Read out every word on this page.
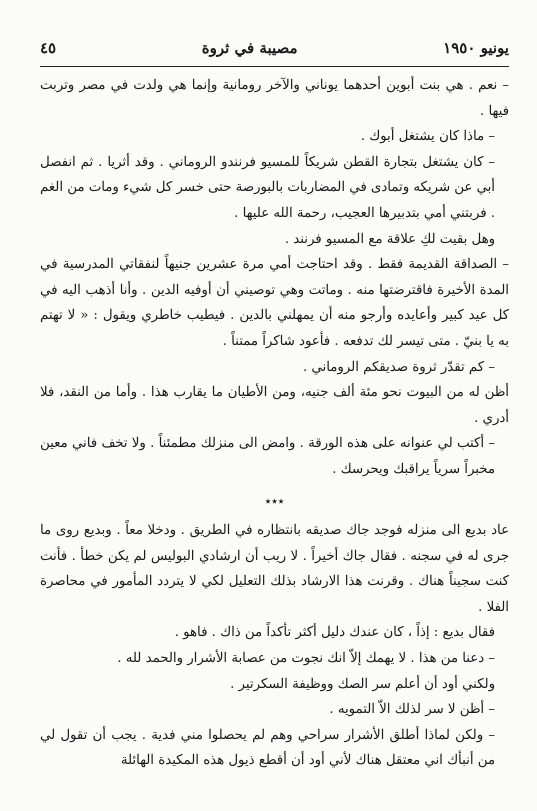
يونيو ١٩٥٠
مصيبة في ثروة
٤٥

– نعم . هي بنت أبوين أحدهما يوناني والآخر رومانية وإنما هي ولدت في مصر وتربت فيها .

– ماذا كان يشتغل أبوك .

– كان يشتغل بتجارة القطن شريكاً للمسيو فرنندو الروماني . وقد أثريا . ثم انفصل أبي عن شريكه وتمادى في المضاربات بالبورصة حتى خسر كل شيء ومات من الغم . فربتني أمي بتدبيرها العجيب، رحمة الله عليها .

وهل بقيت لكِ علاقة مع المسيو فرنند .

– الصداقة القديمة فقط . وقد احتاجت أمي مرة عشرين جنيهاً لنفقاتي المدرسية في المدة الأخيرة فاقترضتها منه . وماتت وهي توصيني أن أوفيه الدين . وأنا أذهب اليه في كل عيد كبير وأعايده وأرجو منه أن يمهلني بالدين . فيطيب خاطري ويقول : « لا تهتم به يا بنيّ . متى تيسر لك تدفعه . فأعود شاكراً ممتناً .

– كم تقدّر ثروة صديقكم الروماني .

أظن له من البيوت نحو مئة ألف جنيه، ومن الأطيان ما يقارب هذا . وأما من النقد، فلا أدري .

– أكتب لي عنوانه على هذه الورقة . وامض الى منزلك مطمئناً . ولا تخف فاني معين مخبراً سرياً يراقبك ويحرسك .

٭٭٭

عاد بديع الى منزله فوجد جاك صديقه بانتظاره في الطريق . ودخلا معاً . وبديع روى ما جرى له في سجنه . فقال جاك أخيراً . لا ريب أن ارشادي البوليس لم يكن خطأ . فأنت كنت سجيناً هناك . وقرنت هذا الارشاد بذلك التعليل لكي لا يتردد المأمور في محاصرة الفلا .

فقال بديع : إذاً ، كان عندك دليل أكثر تأكداً من ذاك . فاهو .

– دعنا من هذا . لا يهمك إلاّ انك نجوت من عصابة الأشرار والحمد لله .

ولكني أود أن أعلم سر الصك ووظيفة السكرتير .

– أظن لا سر لذلك الاّ التمويه .

– ولكن لماذا أطلق الأشرار سراحي وهم لم يحصلوا مني فدية . يجب أن تقول لي من أنبأك اني معتقل هناك لأني أود أن أقطع ذيول هذه المكيدة الهائلة
